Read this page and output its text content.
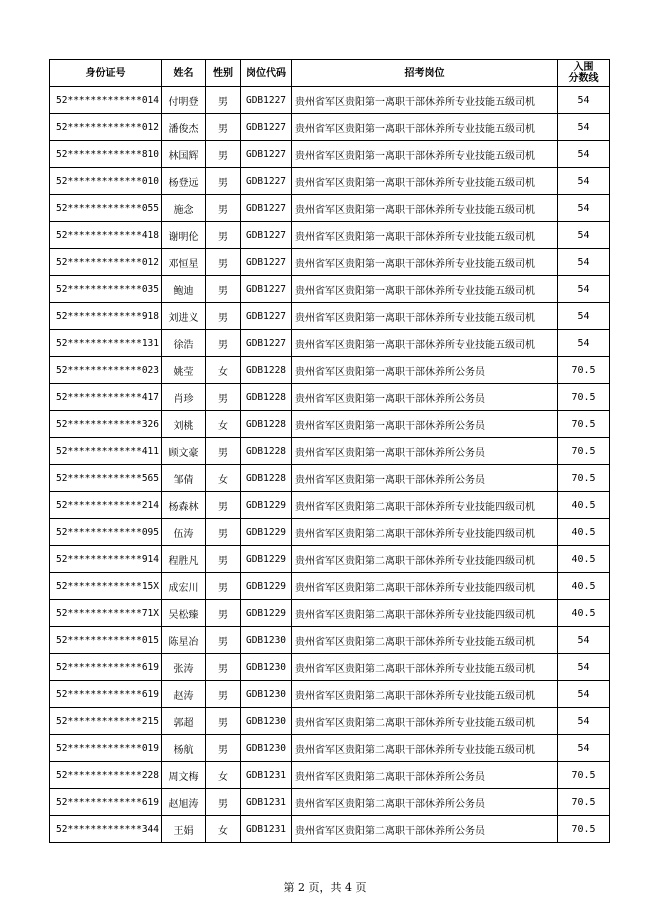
身份证号	姓名	性别	岗位代码	招考岗位	入围
分数线

52*************014	付明登	男	GDB1227	贵州省军区贵阳第一离职干部休养所专业技能五级司机	54
52*************012	潘俊杰	男	GDB1227	贵州省军区贵阳第一离职干部休养所专业技能五级司机	54
52*************810	林国辉	男	GDB1227	贵州省军区贵阳第一离职干部休养所专业技能五级司机	54
52*************010	杨登远	男	GDB1227	贵州省军区贵阳第一离职干部休养所专业技能五级司机	54
52*************055	施念	男	GDB1227	贵州省军区贵阳第一离职干部休养所专业技能五级司机	54
52*************418	谢明伦	男	GDB1227	贵州省军区贵阳第一离职干部休养所专业技能五级司机	54
52*************012	邓恒星	男	GDB1227	贵州省军区贵阳第一离职干部休养所专业技能五级司机	54
52*************035	鲍迪	男	GDB1227	贵州省军区贵阳第一离职干部休养所专业技能五级司机	54
52*************918	刘进义	男	GDB1227	贵州省军区贵阳第一离职干部休养所专业技能五级司机	54
52*************131	徐浩	男	GDB1227	贵州省军区贵阳第一离职干部休养所专业技能五级司机	54
52*************023	姚莹	女	GDB1228	贵州省军区贵阳第一离职干部休养所公务员	70.5
52*************417	肖珍	男	GDB1228	贵州省军区贵阳第一离职干部休养所公务员	70.5
52*************326	刘桃	女	GDB1228	贵州省军区贵阳第一离职干部休养所公务员	70.5
52*************411	顾文豪	男	GDB1228	贵州省军区贵阳第一离职干部休养所公务员	70.5
52*************565	邹倩	女	GDB1228	贵州省军区贵阳第一离职干部休养所公务员	70.5
52*************214	杨森林	男	GDB1229	贵州省军区贵阳第二离职干部休养所专业技能四级司机	40.5
52*************095	伍涛	男	GDB1229	贵州省军区贵阳第二离职干部休养所专业技能四级司机	40.5
52*************914	程胜凡	男	GDB1229	贵州省军区贵阳第二离职干部休养所专业技能四级司机	40.5
52*************15X	成宏川	男	GDB1229	贵州省军区贵阳第二离职干部休养所专业技能四级司机	40.5
52*************71X	吴松臻	男	GDB1229	贵州省军区贵阳第二离职干部休养所专业技能四级司机	40.5
52*************015	陈星冶	男	GDB1230	贵州省军区贵阳第二离职干部休养所专业技能五级司机	54
52*************619	张涛	男	GDB1230	贵州省军区贵阳第二离职干部休养所专业技能五级司机	54
52*************619	赵涛	男	GDB1230	贵州省军区贵阳第二离职干部休养所专业技能五级司机	54
52*************215	郭超	男	GDB1230	贵州省军区贵阳第二离职干部休养所专业技能五级司机	54
52*************019	杨航	男	GDB1230	贵州省军区贵阳第二离职干部休养所专业技能五级司机	54
52*************228	周文梅	女	GDB1231	贵州省军区贵阳第二离职干部休养所公务员	70.5
52*************619	赵旭涛	男	GDB1231	贵州省军区贵阳第二离职干部休养所公务员	70.5
52*************344	王娟	女	GDB1231	贵州省军区贵阳第二离职干部休养所公务员	70.5
第 2 页，共 4 页
